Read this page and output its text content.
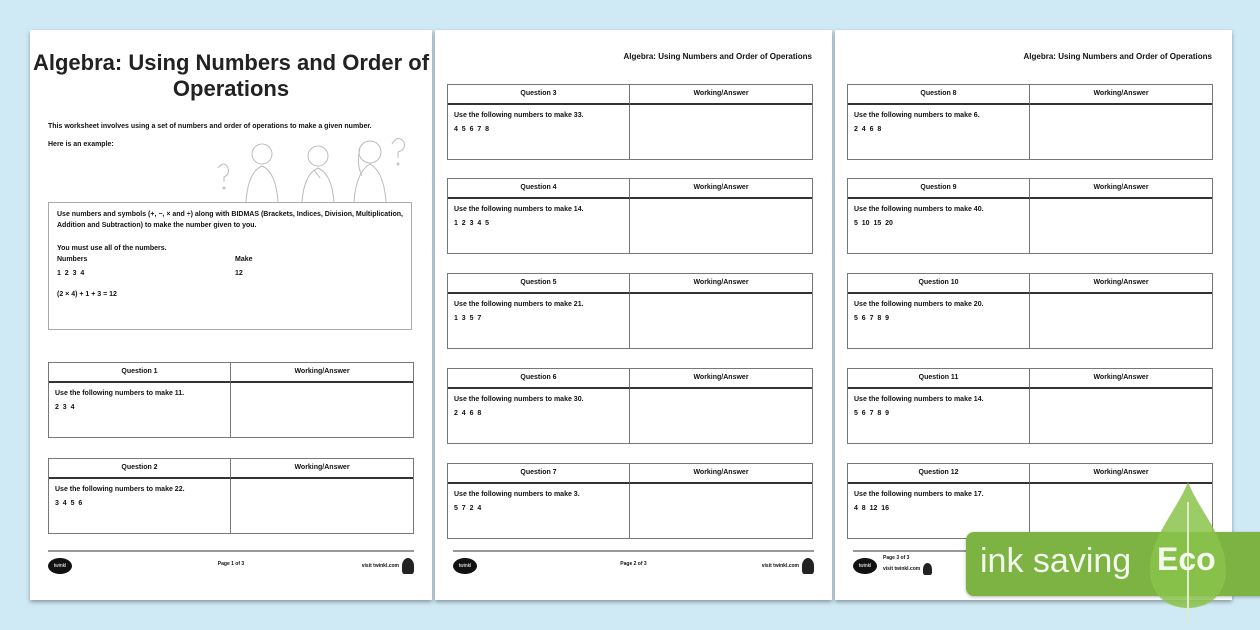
Algebra: Using Numbers and Order of Operations

This worksheet involves using a set of numbers and order of operations to make a given number.

Here is an example:

Use numbers and symbols (+, −, × and ÷) along with BIDMAS (Brackets, Indices, Division, Multiplication, Addition and Subtraction) to make the number given to you.
You must use all of the numbers.
Numbers	Make
1  2  3  4	12
(2 × 4) + 1 + 3 = 12
twinkl	Page 1 of 3	visit twinkl.com
Question 1	Working/Answer
Use the following numbers to make 11.
2  3  4
Question 2	Working/Answer
Use the following numbers to make 22.
3  4  5  6
Algebra: Using Numbers and Order of Operations
twinkl	Page 2 of 3	visit twinkl.com
Question 3	Working/Answer
Use the following numbers to make 33.
4  5  6  7  8
Question 4	Working/Answer
Use the following numbers to make 14.
1  2  3  4  5
Question 5	Working/Answer
Use the following numbers to make 21.
1  3  5  7
Question 6	Working/Answer
Use the following numbers to make 30.
2  4  6  8
Question 7	Working/Answer
Use the following numbers to make 3.
5  7  2  4
Algebra: Using Numbers and Order of Operations
twinkl
Page 3 of 3
visit twinkl.com
Question 8	Working/Answer
Use the following numbers to make 6.
2  4  6  8
Question 9	Working/Answer
Use the following numbers to make 40.
5  10  15  20
Question 10	Working/Answer
Use the following numbers to make 20.
5  6  7  8  9
Question 11	Working/Answer
Use the following numbers to make 14.
5  6  7  8  9
Question 12	Working/Answer
Use the following numbers to make 17.
4  8  12  16
ink saving Eco
